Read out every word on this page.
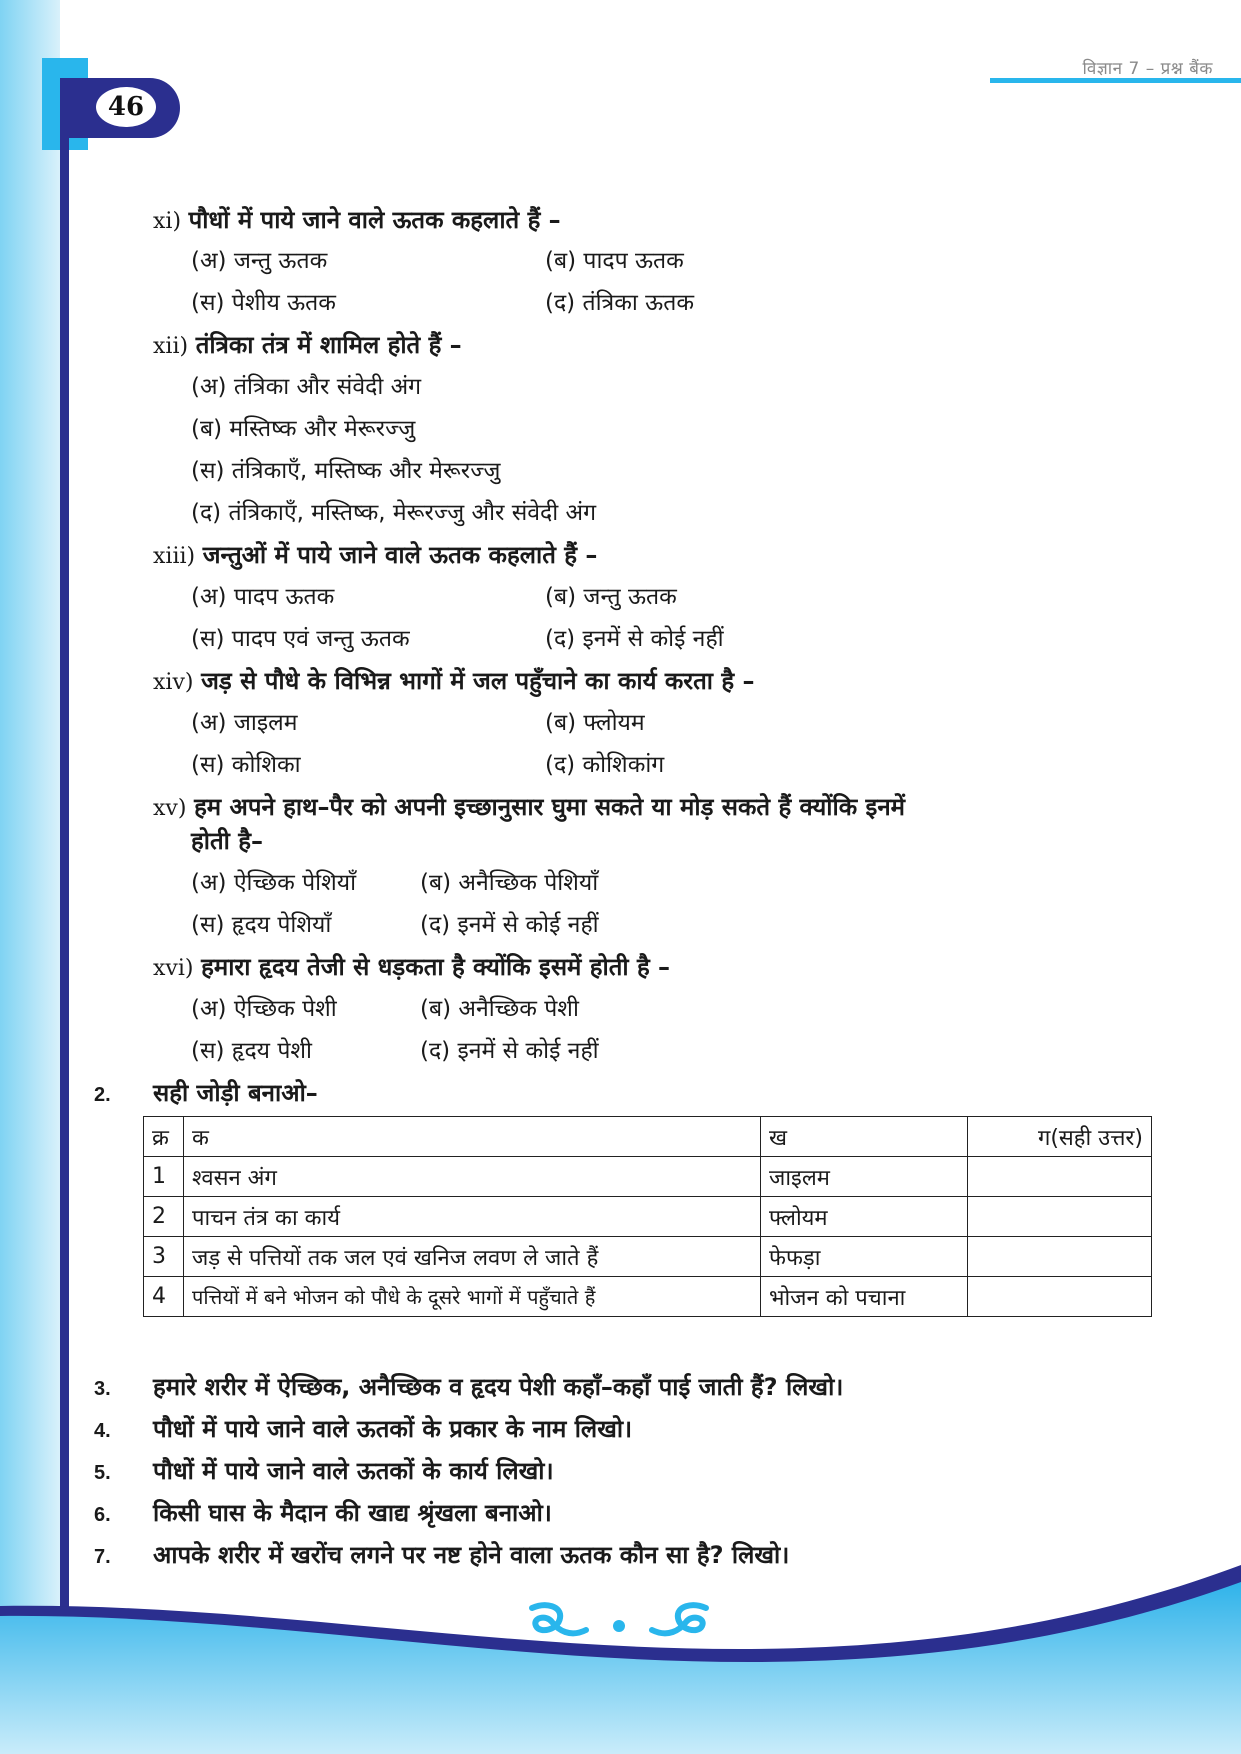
विज्ञान 7 – प्रश्न बैंक
46
xi) पौधों में पाये जाने वाले ऊतक कहलाते हैं –
(अ) जन्तु ऊतक	(ब) पादप ऊतक
(स) पेशीय ऊतक	(द) तंत्रिका ऊतक
xii) तंत्रिका तंत्र में शामिल होते हैं –
(अ) तंत्रिका और संवेदी अंग
(ब) मस्तिष्क और मेरूरज्जु
(स) तंत्रिकाएँ, मस्तिष्क और मेरूरज्जु
(द) तंत्रिकाएँ, मस्तिष्क, मेरूरज्जु और संवेदी अंग
xiii) जन्तुओं में पाये जाने वाले ऊतक कहलाते हैं –
(अ) पादप ऊतक	(ब) जन्तु ऊतक
(स) पादप एवं जन्तु ऊतक	(द) इनमें से कोई नहीं
xiv) जड़ से पौधे के विभिन्न भागों में जल पहुँचाने का कार्य करता है –
(अ) जाइलम	(ब) फ्लोयम
(स) कोशिका	(द) कोशिकांग
xv) हम अपने हाथ–पैर को अपनी इच्छानुसार घुमा सकते या मोड़ सकते हैं क्योंकि इनमें
होती है–
(अ) ऐच्छिक पेशियाँ	(ब) अनैच्छिक पेशियाँ
(स) हृदय पेशियाँ	(द) इनमें से कोई नहीं
xvi) हमारा हृदय तेजी से धड़कता है क्योंकि इसमें होती है –
(अ) ऐच्छिक पेशी	(ब) अनैच्छिक पेशी
(स) हृदय पेशी	(द) इनमें से कोई नहीं
2. सही जोड़ी बनाओ–
क्र	क	ख	ग(सही उत्तर)
1	श्वसन अंग	जाइलम	
2	पाचन तंत्र का कार्य	फ्लोयम	
3	जड़ से पत्तियों तक जल एवं खनिज लवण ले जाते हैं	फेफड़ा	
4	पत्तियों में बने भोजन को पौधे के दूसरे भागों में पहुँचाते हैं	भोजन को पचाना	
3. हमारे शरीर में ऐच्छिक, अनैच्छिक व हृदय पेशी कहाँ–कहाँ पाई जाती हैं? लिखो।
4. पौधों में पाये जाने वाले ऊतकों के प्रकार के नाम लिखो।
5. पौधों में पाये जाने वाले ऊतकों के कार्य लिखो।
6. किसी घास के मैदान की खाद्य श्रृंखला बनाओ।
7. आपके शरीर में खरोंच लगने पर नष्ट होने वाला ऊतक कौन सा है? लिखो।
